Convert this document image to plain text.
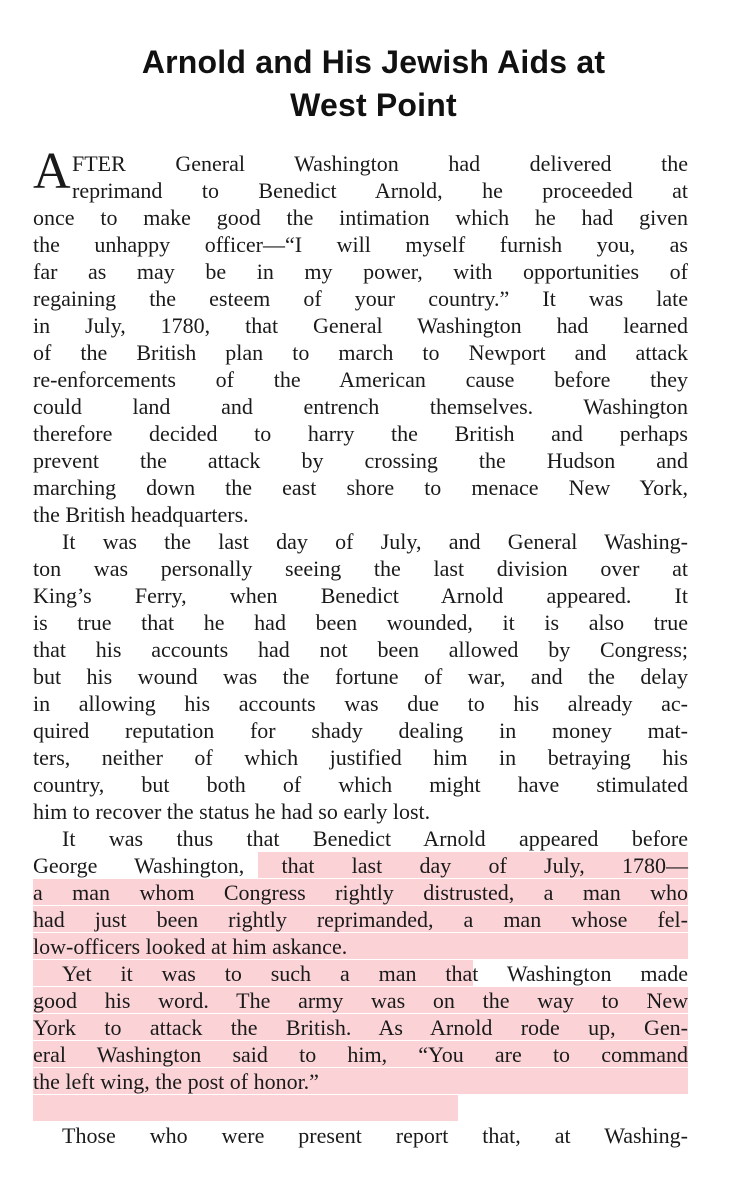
Arnold and His Jewish Aids at
West Point
A FTER General Washington had delivered the
reprimand to Benedict Arnold, he proceeded at
once to make good the intimation which he had given
the unhappy officer—“I will myself furnish you, as
far as may be in my power, with opportunities of
regaining the esteem of your country.” It was late
in July, 1780, that General Washington had learned
of the British plan to march to Newport and attack
re-enforcements of the American cause before they
could land and entrench themselves. Washington
therefore decided to harry the British and perhaps
prevent the attack by crossing the Hudson and
marching down the east shore to menace New York,
the British headquarters.
It was the last day of July, and General Washing-
ton was personally seeing the last division over at
King’s Ferry, when Benedict Arnold appeared. It
is true that he had been wounded, it is also true
that his accounts had not been allowed by Congress;
but his wound was the fortune of war, and the delay
in allowing his accounts was due to his already ac-
quired reputation for shady dealing in money mat-
ters, neither of which justified him in betraying his
country, but both of which might have stimulated
him to recover the status he had so early lost.
It was thus that Benedict Arnold appeared before
George Washington, that last day of July, 1780—
a man whom Congress rightly distrusted, a man who
had just been rightly reprimanded, a man whose fel-
low-officers looked at him askance.
Yet it was to such a man that Washington made
good his word. The army was on the way to New
York to attack the British. As Arnold rode up, Gen-
eral Washington said to him, “You are to command
the left wing, the post of honor.”
Those who were present report that, at Washing-
